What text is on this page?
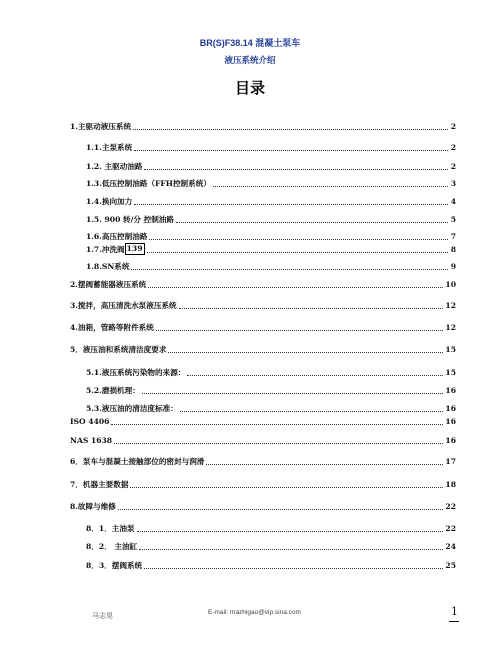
BR(S)F38.14 混凝土泵车
液压系统介绍
目录
1.主驱动液压系统	2
1.1.主泵系统	2
1.2. 主驱动油路	2
1.3.低压控制油路（FFH控制系统）	3
1.4.换向加力	4
1.5. 900 转/分 控制油路	5
1.6.高压控制油路	7
1.7.冲洗阀 139	8
1.8.SN系统	9
2.摆阀蓄能器液压系统	10
3.搅拌，高压清洗水泵液压系统	12
4.油箱，管路等附件系统	12
5．液压油和系统清洁度要求	15
5.1.液压系统污染物的来源：	15
5.2.磨损机理：	16
5.3.液压油的清洁度标准：	16
ISO 4406	16
NAS 1638	16
6．泵车与混凝土接触部位的密封与润滑	17
7．机器主要数据	18
8.故障与维修	22
8．1．主油泵	22
8．2． 主油缸	24
8．3．摆阀系统	25
马志昊	E-mail: mazhigao@vip.sina.com	1
